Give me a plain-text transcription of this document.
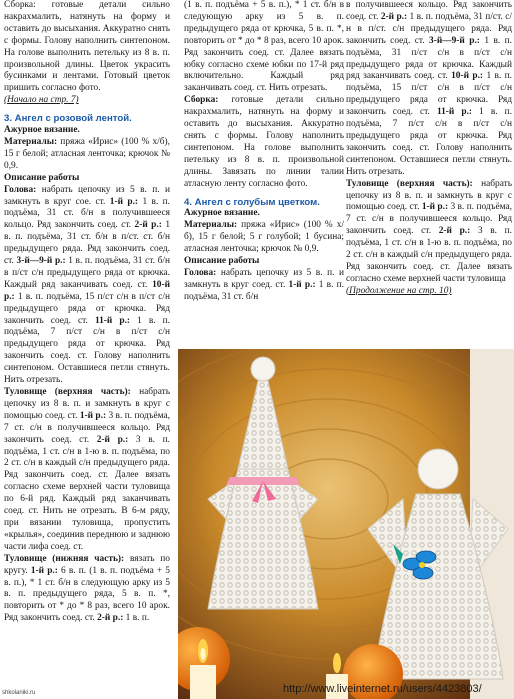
Сборка: готовые детали сильно накрахмалить, натянуть на форму и оставить до высыхания. Аккуратно снять с формы. Голову наполнить синтепоном. На голове выполнить петельку из 8 в. п. произвольной длины. Цветок украсить бусинками и лентами. Готовый цветок пришить согласно фото.

(Начало на стр. 7)

3. Ангел с розовой лентой.

Ажурное вязание.

Материалы: пряжа «Ирис» (100 % х/б), 15 г белой; атласная ленточка; крючок № 0,9.

Описание работы

Голова: набрать цепочку из 5 в. п. и замкнуть в круг сое. ст. 1-й р.: 1 в. п. подъёма, 31 ст. б/н в получившееся кольцо. Ряд закончить соед. ст. 2-й р.: 1 в. п. подъёма, 31 ст. б/н в п/ст. ст. б/н предыдущего ряда. Ряд закончить соед. ст. 3-й—9-й р.: 1 в. п. подъёма, 31 ст. б/н в п/ст с/н предыдущего ряда от крючка. Каждый ряд заканчивать соед. ст. 10-й р.: 1 в. п. подъёма, 15 п/ст с/н в п/ст с/н предыдущего ряда от крючка. Ряд закончить соед. ст. 11-й р.: 1 в. п. подъёма, 7 п/ст с/н в п/ст с/н предыдущего ряда от крючка. Ряд закончить соед. ст. Голову наполнить синтепоном. Оставшиеся петли стянуть. Нить отрезать.

Туловище (верхняя часть): набрать цепочку из 8 в. п. и замкнуть в круг с помощью соед. ст. 1-й р.: 3 в. п. подъёма, 7 ст. с/н в получившееся кольцо. Ряд закончить соед. ст. 2-й р.: 3 в. п. подъёма, 1 ст. с/н в 1-ю в. п. подъёма, по 2 ст. с/н в каждый с/н предыдущего ряда. Ряд закончить соед. ст. Далее вязать согласно схеме верхней части туловища по 6-й ряд. Каждый ряд заканчивать соед. ст. Нить не отрезать. В 6-м ряду, при вязании туловища, пропустить «крылья», соединив переднюю и заднюю части лифа соед. ст.

Туловище (нижняя часть): вязать по кругу. 1-й р.: 6 в. п. (1 в. п. подъёма + 5 в. п.), * 1 ст. б/н в следующую арку из 5 в. п. предыдущего ряда, 5 в. п. *, повторить от * до * 8 раз, всего 10 арок. Ряд закончить соед. ст. 2-й р.: 1 в. п.

(1 в. п. подъёма + 5 в. п.), * 1 ст. б/н в следующую арку из 5 в. п. предыдущего ряда от крючка, 5 в. п. *, повторить от * до * 8 раз, всего 10 арок. Ряд закончить соед. ст. Далее вязать юбку согласно схеме юбки по 17-й ряд включительно. Каждый ряд заканчивать соед. ст. Нить отрезать.

Сборка: готовые детали сильно накрахмалить, натянуть на форму и оставить до высыхания. Аккуратно снять с формы. Голову наполнить синтепоном. На голове выполнить петельку из 8 в. п. произвольной длины. Завязать по линии талии атласную ленту согласно фото.

4. Ангел с голубым цветком.

Ажурное вязание.

Материалы: пряжа «Ирис» (100 % х/б), 15 г белой; 5 г голубой; 1 бусина; атласная ленточка; крючок № 0,9.

Описание работы

Голова: набрать цепочку из 5 в. п. и замкнуть в круг соед. ст. 1-й р.: 1 в. п. подъёма, 31 ст. б/н

в получившееся кольцо. Ряд закончить соед. ст. 2-й р.: 1 в. п. подъёма, 31 п/ст. с/н в п/ст. с/н предыдущего ряда. Ряд закончить соед. ст. 3-й—9-й р.: 1 в. п. подъёма, 31 п/ст с/н в п/ст с/н предыдущего ряда от крючка. Каждый ряд заканчивать соед. ст. 10-й р.: 1 в. п. подъёма, 15 п/ст с/н в п/ст с/н предыдущего ряда от крючка. Ряд закончить соед. ст. 11-й р.: 1 в. п. подъёма, 7 п/ст с/н в п/ст с/н предыдущего ряда от крючка. Ряд закончить соед. ст. Голову наполнить синтепоном. Оставшиеся петли стянуть. Нить отрезать.

Туловище (верхняя часть): набрать цепочку из 8 в. п. и замкнуть в круг с помощью соед. ст. 1-й р.: 3 в. п. подъёма, 7 ст. с/н в получившееся кольцо. Ряд закончить соед. ст. 2-й р.: 3 в. п. подъёма, 1 ст. с/н в 1-ю в. п. подъёма, по 2 ст. с/н в каждый с/н предыдущего ряда. Ряд закончить соед. ст. Далее вязать согласно схеме верхней части туловища

(Продолжение на стр. 10)

http://www.liveinternet.ru/users/4423803/
shkolaniki.ru
